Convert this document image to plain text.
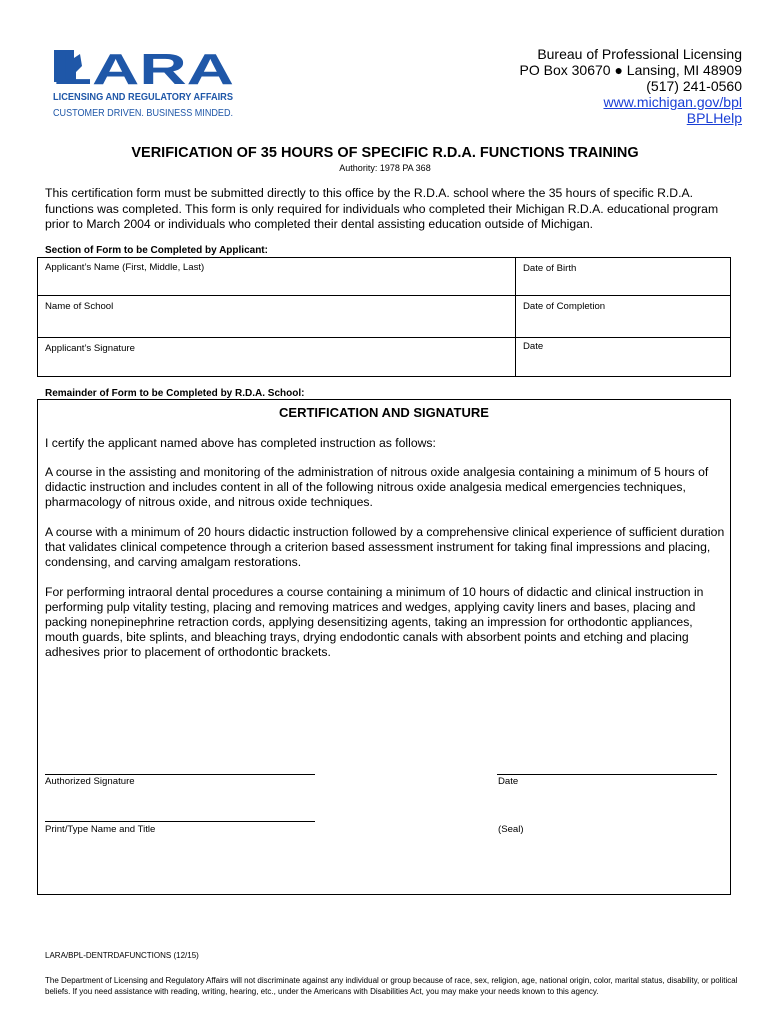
LARA
LICENSING AND REGULATORY AFFAIRS
CUSTOMER DRIVEN. BUSINESS MINDED.
Bureau of Professional Licensing
PO Box 30670 ● Lansing, MI 48909
(517) 241-0560
www.michigan.gov/bpl
BPLHelp
VERIFICATION OF 35 HOURS OF SPECIFIC R.D.A. FUNCTIONS TRAINING
Authority: 1978 PA 368
This certification form must be submitted directly to this office by the R.D.A. school where the 35 hours of specific R.D.A. functions was completed. This form is only required for individuals who completed their Michigan R.D.A. educational program prior to March 2004 or individuals who completed their dental assisting education outside of Michigan.
Section of Form to be Completed by Applicant:
Applicant’s Name (First, Middle, Last)	Date of Birth
Name of School	Date of Completion
Applicant’s Signature	Date
Remainder of Form to be Completed by R.D.A. School:
CERTIFICATION AND SIGNATURE
I certify the applicant named above has completed instruction as follows:
A course in the assisting and monitoring of the administration of nitrous oxide analgesia containing a minimum of 5 hours of didactic instruction and includes content in all of the following nitrous oxide analgesia medical emergencies techniques, pharmacology of nitrous oxide, and nitrous oxide techniques.
A course with a minimum of 20 hours didactic instruction followed by a comprehensive clinical experience of sufficient duration that validates clinical competence through a criterion based assessment instrument for taking final impressions and placing, condensing, and carving amalgam restorations.
For performing intraoral dental procedures a course containing a minimum of 10 hours of didactic and clinical instruction in performing pulp vitality testing, placing and removing matrices and wedges, applying cavity liners and bases, placing and packing nonepinephrine retraction cords, applying desensitizing agents, taking an impression for orthodontic appliances, mouth guards, bite splints, and bleaching trays, drying endodontic canals with absorbent points and etching and placing adhesives prior to placement of orthodontic brackets.
Authorized Signature	Date
Print/Type Name and Title	(Seal)
LARA/BPL-DENTRDAFUNCTIONS (12/15)
The Department of Licensing and Regulatory Affairs will not discriminate against any individual or group because of race, sex, religion, age, national origin, color, marital status, disability, or political beliefs. If you need assistance with reading, writing, hearing, etc., under the Americans with Disabilities Act, you may make your needs known to this agency.
